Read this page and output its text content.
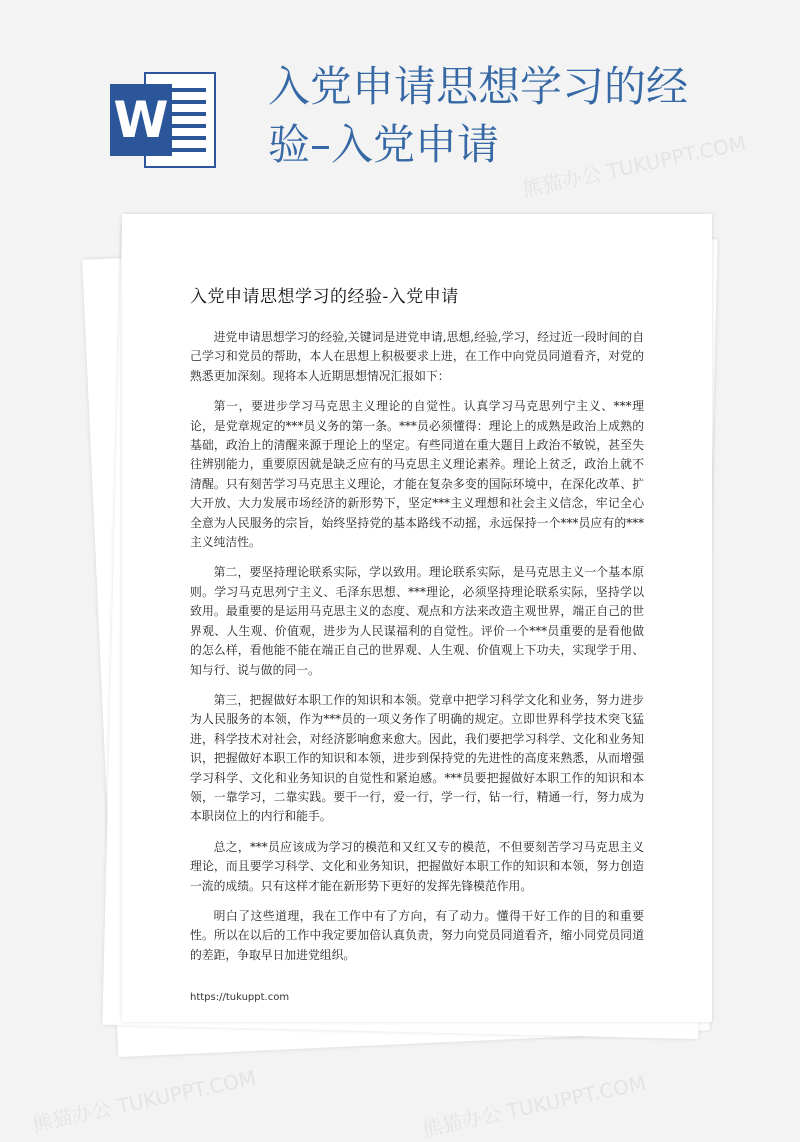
W
入党申请思想学习的经验–入党申请
入党申请思想学习的经验-入党申请

进党申请思想学习的经验,关键词是进党申请,思想,经验,学习，经过近一段时间的自己学习和党员的帮助，本人在思想上积极要求上进，在工作中向党员同道看齐，对党的熟悉更加深刻。现将本人近期思想情况汇报如下：

第一，要进步学习马克思主义理论的自觉性。认真学习马克思列宁主义、***理论，是党章规定的***员义务的第一条。***员必须懂得：理论上的成熟是政治上成熟的基础，政治上的清醒来源于理论上的坚定。有些同道在重大题目上政治不敏锐，甚至失往辨别能力，重要原因就是缺乏应有的马克思主义理论素养。理论上贫乏，政治上就不清醒。只有刻苦学习马克思主义理论，才能在复杂多变的国际环境中，在深化改革、扩大开放、大力发展市场经济的新形势下，坚定***主义理想和社会主义信念，牢记全心全意为人民服务的宗旨，始终坚持党的基本路线不动摇，永远保持一个***员应有的***主义纯洁性。

第二，要坚持理论联系实际，学以致用。理论联系实际，是马克思主义一个基本原则。学习马克思列宁主义、毛泽东思想、***理论，必须坚持理论联系实际，坚持学以致用。最重要的是运用马克思主义的态度、观点和方法来改造主观世界，端正自己的世界观、人生观、价值观，进步为人民谋福利的自觉性。评价一个***员重要的是看他做的怎么样，看他能不能在端正自己的世界观、人生观、价值观上下功夫，实现学于用、知与行、说与做的同一。

第三，把握做好本职工作的知识和本领。党章中把学习科学文化和业务，努力进步为人民服务的本领，作为***员的一项义务作了明确的规定。立即世界科学技术突飞猛进，科学技术对社会，对经济影响愈来愈大。因此，我们要把学习科学、文化和业务知识，把握做好本职工作的知识和本领，进步到保持党的先进性的高度来熟悉，从而增强学习科学、文化和业务知识的自觉性和紧迫感。***员要把握做好本职工作的知识和本领，一靠学习，二靠实践。要干一行，爱一行，学一行，钻一行，精通一行，努力成为本职岗位上的内行和能手。

总之，***员应该成为学习的模范和又红又专的模范，不但要刻苦学习马克思主义理论，而且要学习科学、文化和业务知识，把握做好本职工作的知识和本领，努力创造一流的成绩。只有这样才能在新形势下更好的发挥先锋模范作用。

明白了这些道理，我在工作中有了方向，有了动力。懂得干好工作的目的和重要性。所以在以后的工作中我定要加倍认真负责，努力向党员同道看齐，缩小同党员同道的差距，争取早日加进党组织。

https://tukuppt.com
熊猫办公 TUKUPPT.COM
熊猫办公 TUKUPPT.COM	熊猫办公 TUKUPPT.COM
